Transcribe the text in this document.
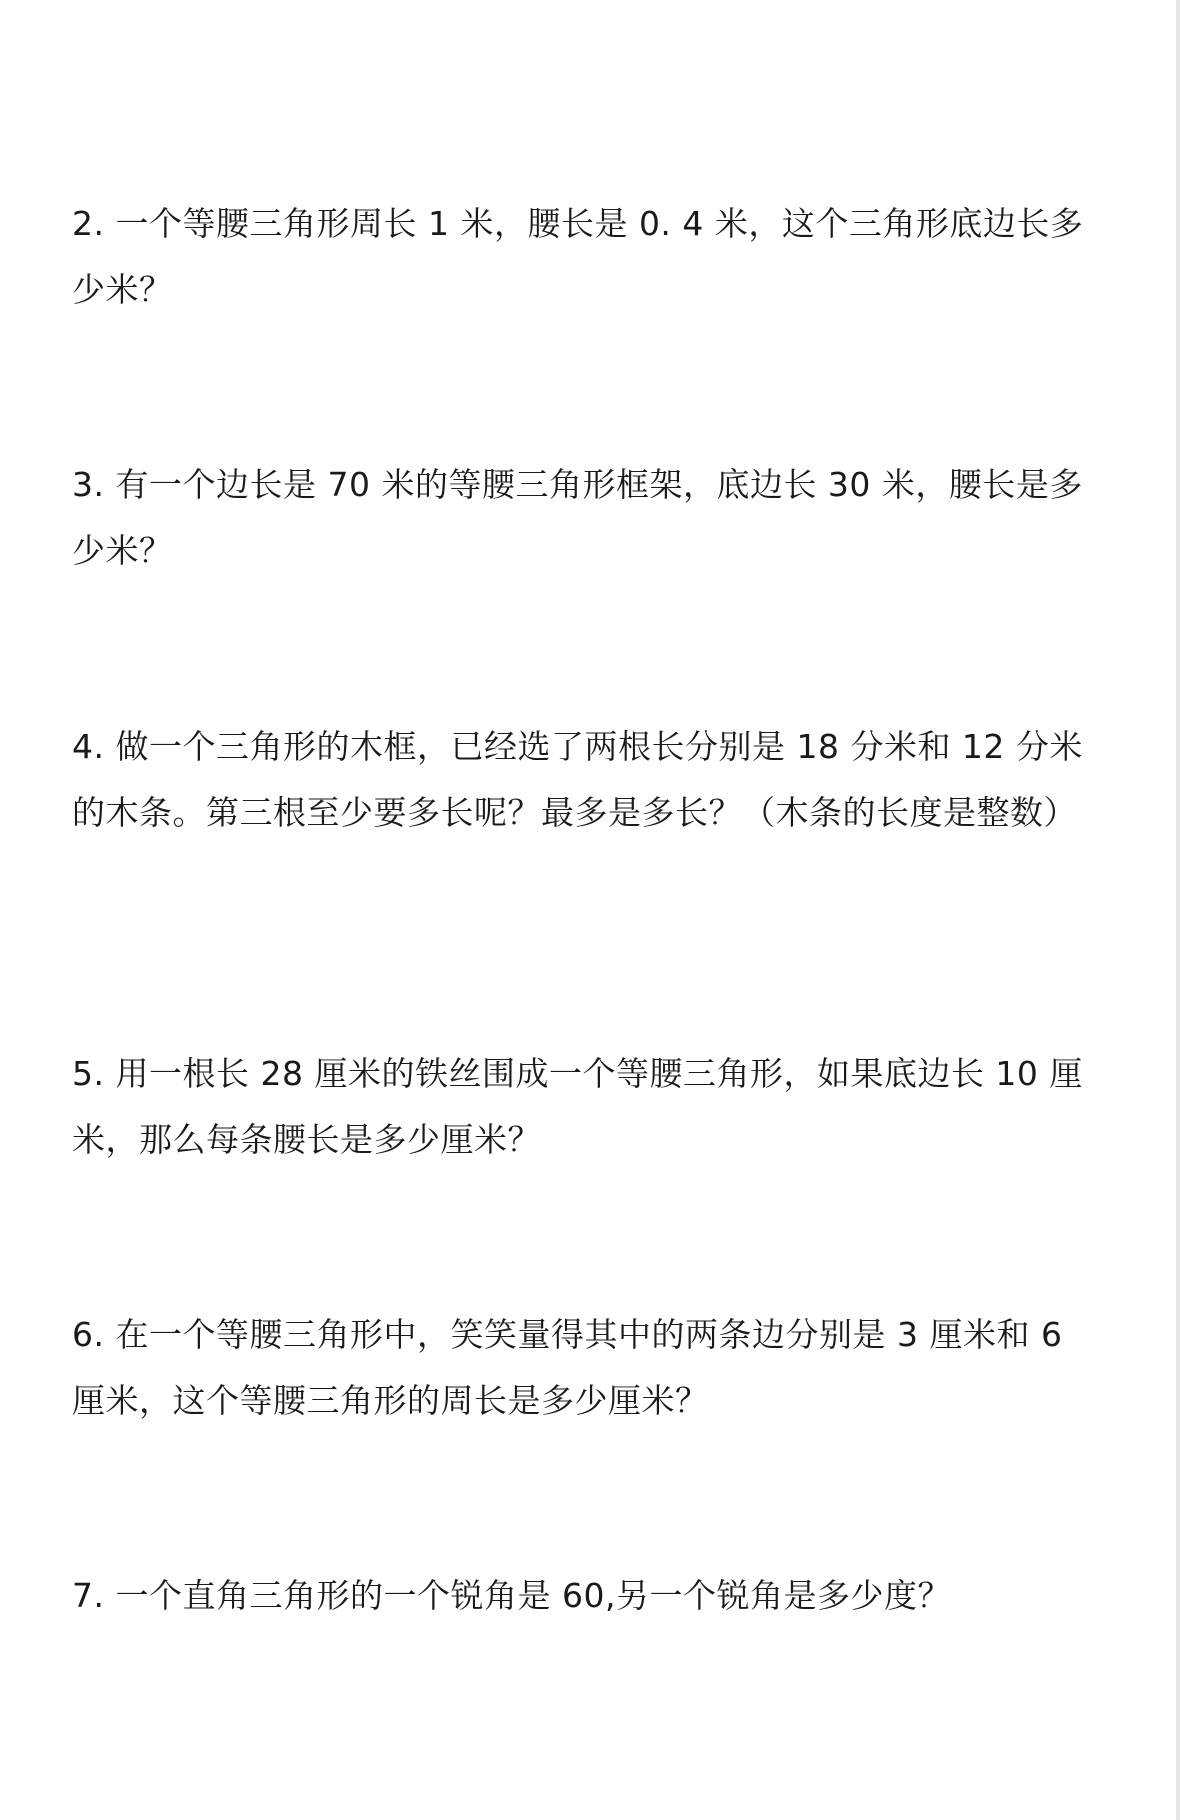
2. 一个等腰三角形周长 1 米，腰长是 0. 4 米，这个三角形底边长多
少米？
3. 有一个边长是 70 米的等腰三角形框架，底边长 30 米，腰长是多
少米？
4. 做一个三角形的木框，已经选了两根长分别是 18 分米和 12 分米
的木条。第三根至少要多长呢？最多是多长？（木条的长度是整数）
5. 用一根长 28 厘米的铁丝围成一个等腰三角形，如果底边长 10 厘
米，那么每条腰长是多少厘米？
6. 在一个等腰三角形中，笑笑量得其中的两条边分别是 3 厘米和 6
厘米，这个等腰三角形的周长是多少厘米？
7. 一个直角三角形的一个锐角是 60,另一个锐角是多少度？
